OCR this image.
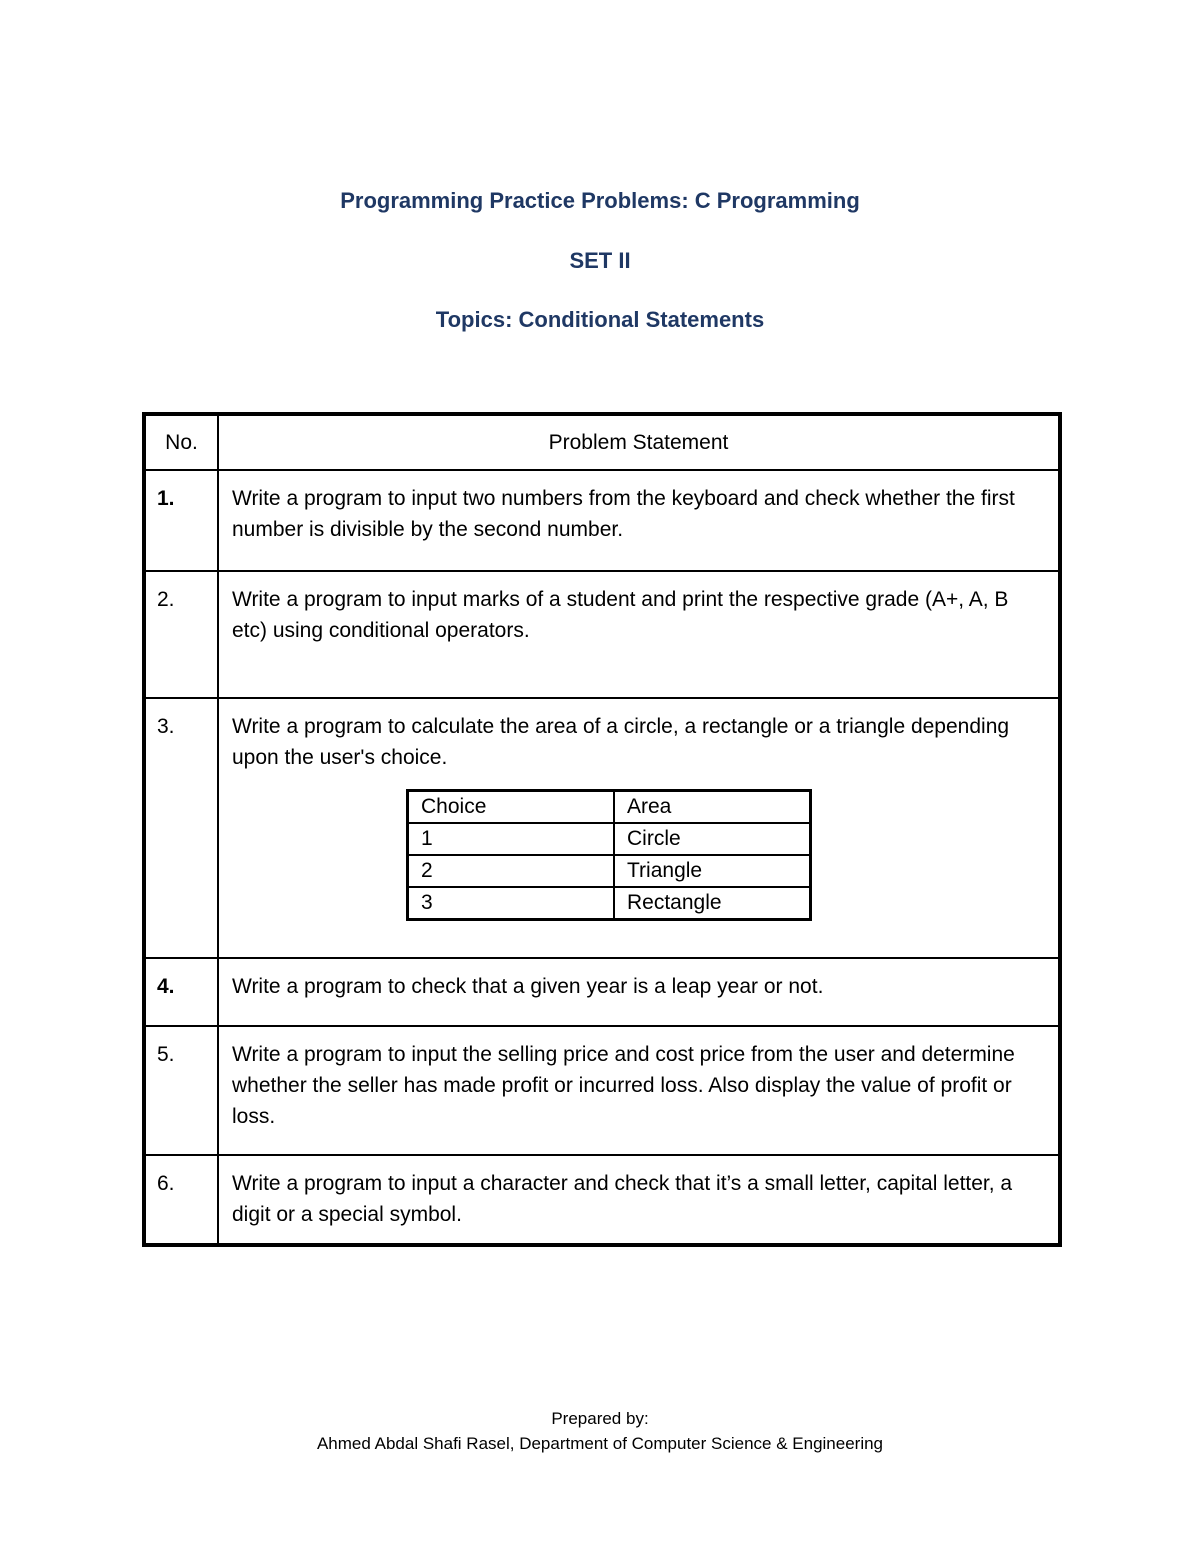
Programming Practice Problems: C Programming
SET II
Topics: Conditional Statements
No.	Problem Statement
1.	Write a program to input two numbers from the keyboard and check whether the first number is divisible by the second number.
2.	Write a program to input marks of a student and print the respective grade (A+, A, B etc) using conditional operators.
3.	Write a program to calculate the area of a circle, a rectangle or a triangle depending upon the user's choice.
Choice	Area
1	Circle
2	Triangle
3	Rectangle

4.	Write a program to check that a given year is a leap year or not.
5.	Write a program to input the selling price and cost price from the user and determine whether the seller has made profit or incurred loss. Also display the value of profit or loss.
6.	Write a program to input a character and check that it’s a small letter, capital letter, a digit or a special symbol.
Prepared by:
Ahmed Abdal Shafi Rasel, Department of Computer Science & Engineering
